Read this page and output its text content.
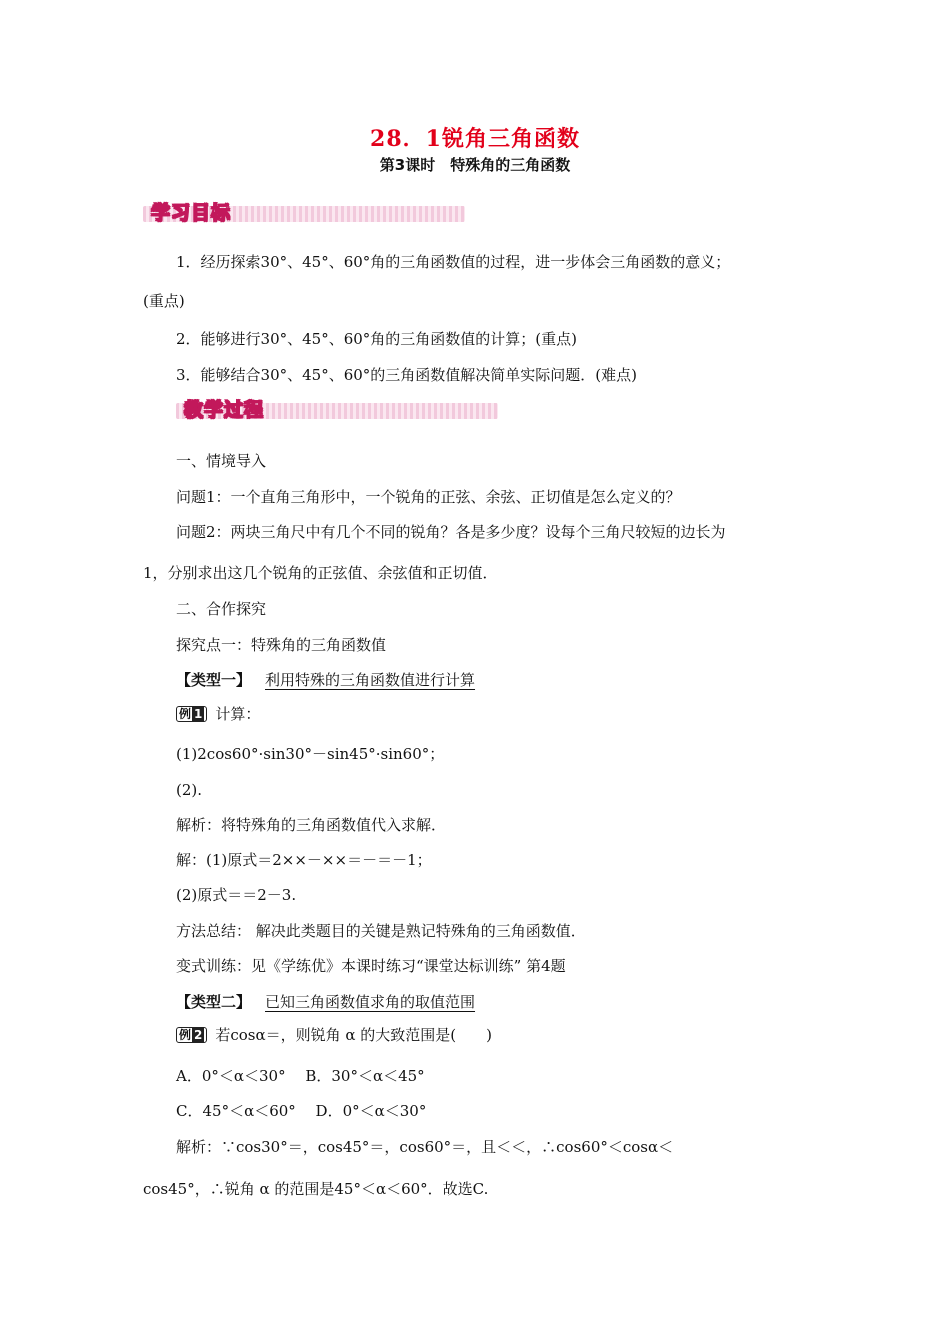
28．1锐角三角函数
第3课时　特殊角的三角函数
学习目标
1．经历探索30°、45°、60°角的三角函数值的过程，进一步体会三角函数的意义；
(重点)
2．能够进行30°、45°、60°角的三角函数值的计算；(重点)
3．能够结合30°、45°、60°的三角函数值解决简单实际问题．(难点)
教学过程
一、情境导入
问题1：一个直角三角形中，一个锐角的正弦、余弦、正切值是怎么定义的？
问题2：两块三角尺中有几个不同的锐角？各是多少度？设每个三角尺较短的边长为
1，分别求出这几个锐角的正弦值、余弦值和正切值．
二、合作探究
探究点一：特殊角的三角函数值
【类型一】 利用特殊的三角函数值进行计算
例 1 计算：
(1)2cos60°·sin30°－sin45°·sin60°；
(2).
解析：将特殊角的三角函数值代入求解．
解：(1)原式＝2××－××＝－＝－1；
(2)原式＝＝2－3.
方法总结： 解决此类题目的关键是熟记特殊角的三角函数值．
变式训练：见《学练优》本课时练习“课堂达标训练” 第4题
【类型二】 已知三角函数值求角的取值范围
例 2 若cosα＝，则锐角 α 的大致范围是(　　)
A．0°＜α＜30°　 B．30°＜α＜45°
C．45°＜α＜60°　 D．0°＜α＜30°
解析：∵cos30°＝，cos45°＝，cos60°＝，且＜＜，∴cos60°＜cosα＜
cos45°，∴锐角 α 的范围是45°＜α＜60°．故选C.
